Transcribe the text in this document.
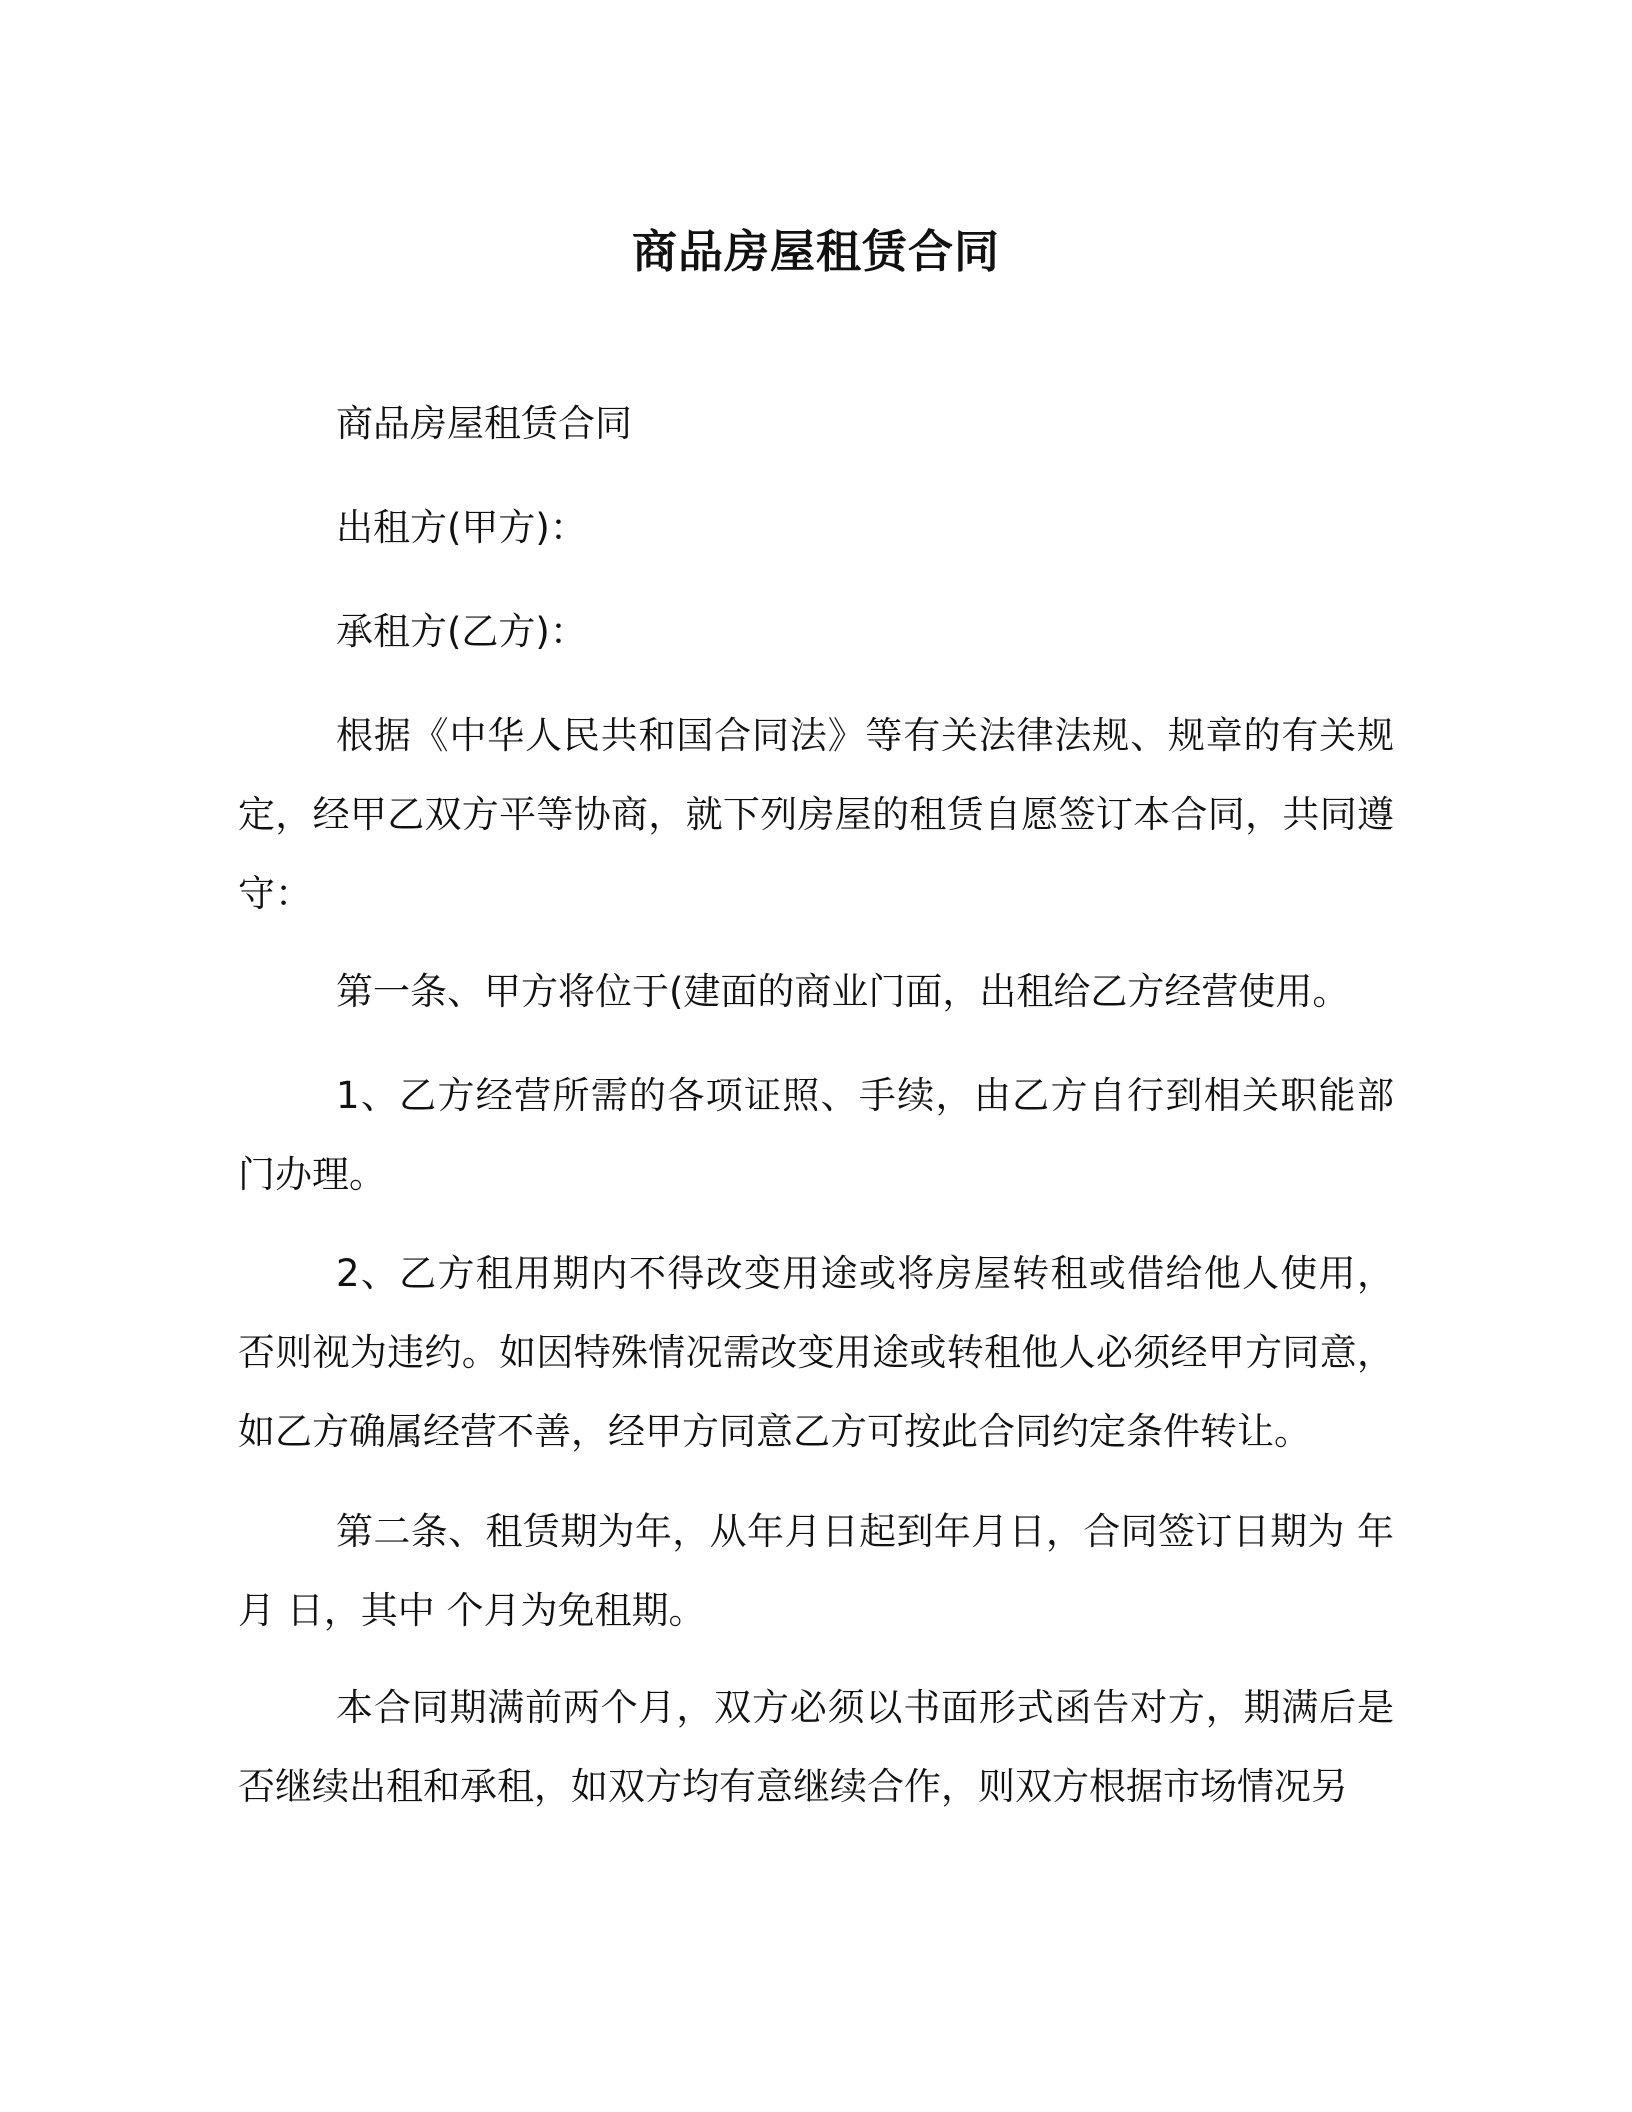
商品房屋租赁合同

商品房屋租赁合同

出租方(甲方)：

承租方(乙方)：

根据《中华人民共和国合同法》等有关法律法规、规章的有关规定，经甲乙双方平等协商，就下列房屋的租赁自愿签订本合同，共同遵守：

第一条、甲方将位于(建面的商业门面，出租给乙方经营使用。

1、乙方经营所需的各项证照、手续，由乙方自行到相关职能部门办理。

2、乙方租用期内不得改变用途或将房屋转租或借给他人使用，否则视为违约。如因特殊情况需改变用途或转租他人必须经甲方同意，如乙方确属经营不善，经甲方同意乙方可按此合同约定条件转让。

第二条、租赁期为年，从年月日起到年月日，合同签订日期为 年 月 日，其中 个月为免租期。

本合同期满前两个月，双方必须以书面形式函告对方，期满后是否继续出租和承租，如双方均有意继续合作，则双方根据市场情况另
